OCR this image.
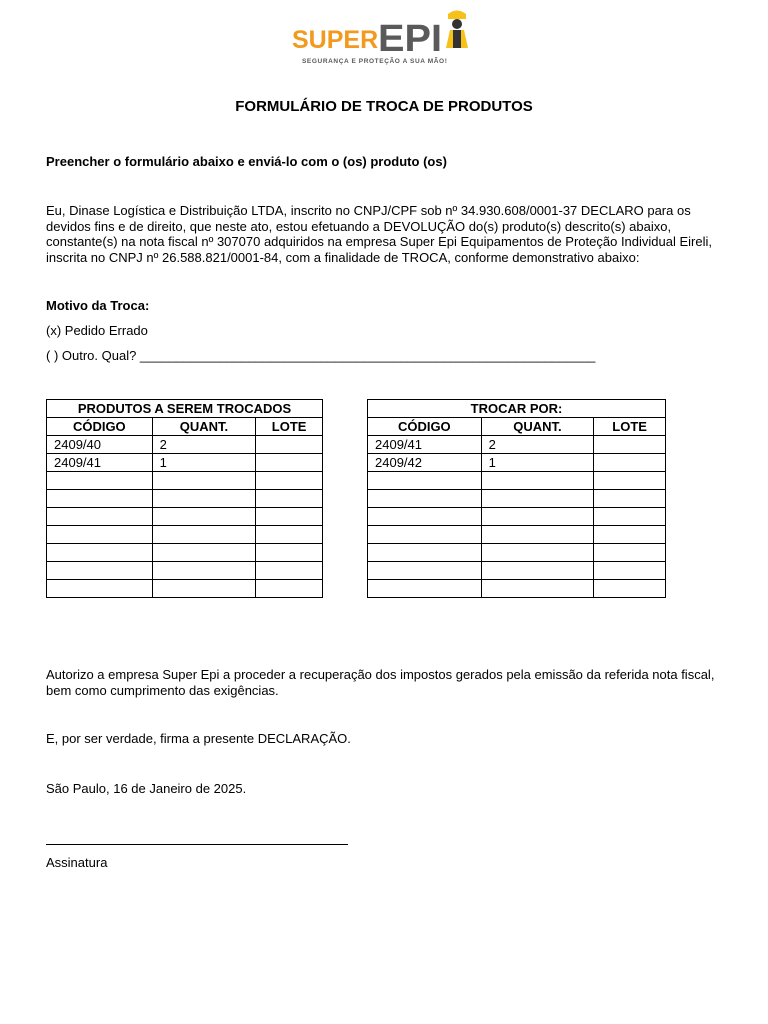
SUPER EPI
SEGURANÇA E PROTEÇÃO A SUA MÃO!
FORMULÁRIO DE TROCA DE PRODUTOS
Preencher o formulário abaixo e enviá-lo com o (os) produto (os)
Eu, Dinase Logística e Distribuição LTDA, inscrito no CNPJ/CPF sob nº 34.930.608/0001-37 DECLARO para os
devidos fins e de direito, que neste ato, estou efetuando a DEVOLUÇÃO do(s) produto(s) descrito(s) abaixo,
constante(s) na nota fiscal nº 307070 adquiridos na empresa Super Epi Equipamentos de Proteção Individual Eireli,
inscrita no CNPJ nº 26.588.821/0001-84, com a finalidade de TROCA, conforme demonstrativo abaixo:
Motivo da Troca:
(x) Pedido Errado
( ) Outro. Qual? _______________________________________________________________
PRODUTOS A SEREM TROCADOS		
CÓDIGO	QUANT.	LOTE
2409/40	2	
2409/41	1	

TROCAR POR:		
CÓDIGO	QUANT.	LOTE
2409/41	2	
2409/42	1	

Autorizo a empresa Super Epi a proceder a recuperação dos impostos gerados pela emissão da referida nota fiscal,
bem como cumprimento das exigências.
E, por ser verdade, firma a presente DECLARAÇÃO.
São Paulo, 16 de Janeiro de 2025.
Assinatura
